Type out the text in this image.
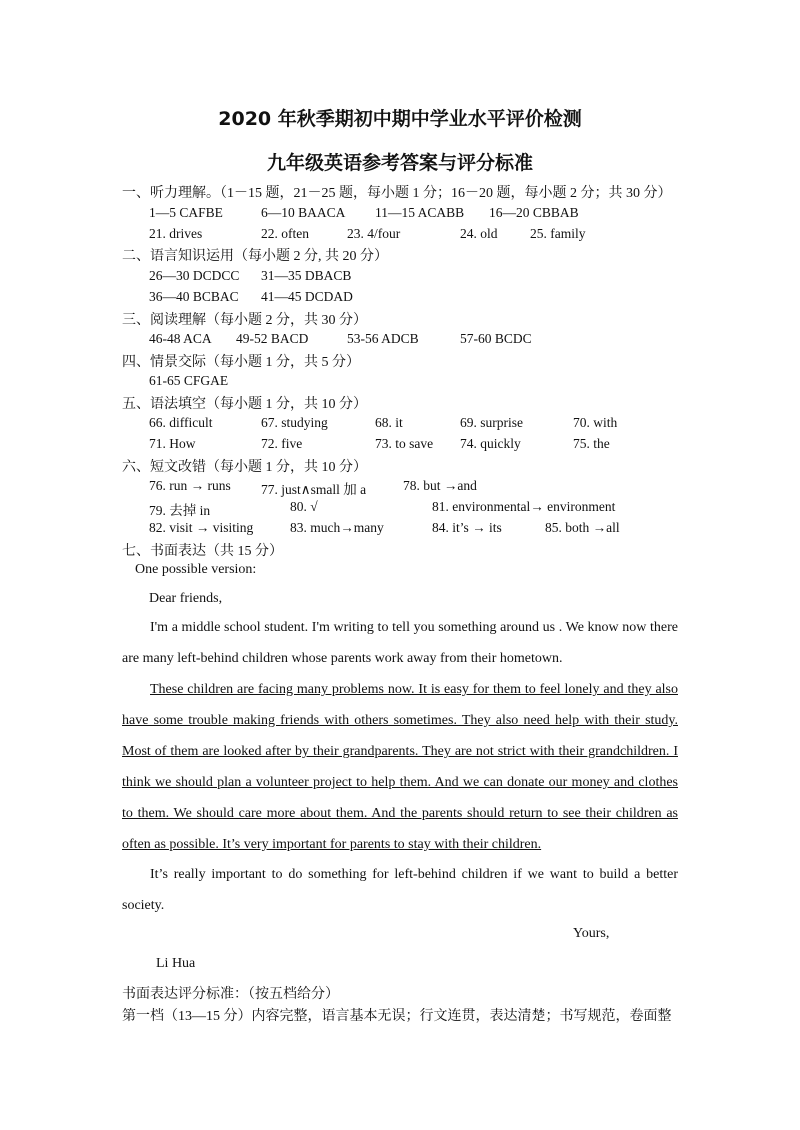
2020 年秋季期初中期中学业水平评价检测
九年级英语参考答案与评分标准
一、听力理解。（1－15 题，21－25 题，每小题 1 分；16－20 题，每小题 2 分；共 30 分）
1—5 CAFBE	6—10 BAACA 11—15 ACABB 16—20 CBBAB
21. drives	22. often	23. 4/four	24. old 25. family
二、语言知识运用（每小题 2 分, 共 20 分）
26—30 DCDCC 31—35 DBACB
36—40 BCBAC 41—45 DCDAD
三、阅读理解（每小题 2 分，共 30 分）
46-48 ACA 49-52 BACD	53-56 ADCB	57-60 BCDC
四、情景交际（每小题 1 分，共 5 分）
61-65 CFGAE
五、语法填空（每小题 1 分，共 10 分）
66. difficult	67. studying	68. it	69. surprise	70. with
71. How	72. five	73. to save 74. quickly	75. the
六、短文改错（每小题 1 分，共 10 分）
76. run → runs 77. just∧small 加 a	78. but →and
79. 去掉 in	80. √	81. environmental→ environment
82. visit → visiting	83. much→many	84. it’s → its	85. both →all
七、书面表达（共 15 分）
One possible version:
Dear friends,
I'm a middle school student. I'm writing to tell you something around us . We know now there are many left-behind children whose parents work away from their hometown.
These children are facing many problems now. It is easy for them to feel lonely and they also have some trouble making friends with others sometimes. They also need help with their study. Most of them are looked after by their grandparents. They are not strict with their grandchildren. I think we should plan a volunteer project to help them. And we can donate our money and clothes to them. We should care more about them. And the parents should return to see their children as often as possible. It’s very important for parents to stay with their children.
It’s really important to do something for left-behind children if we want to build a better society.
Yours,
Li Hua
书面表达评分标准：（按五档给分）
第一档（13—15 分）内容完整，语言基本无误；行文连贯，表达清楚；书写规范，卷面整
